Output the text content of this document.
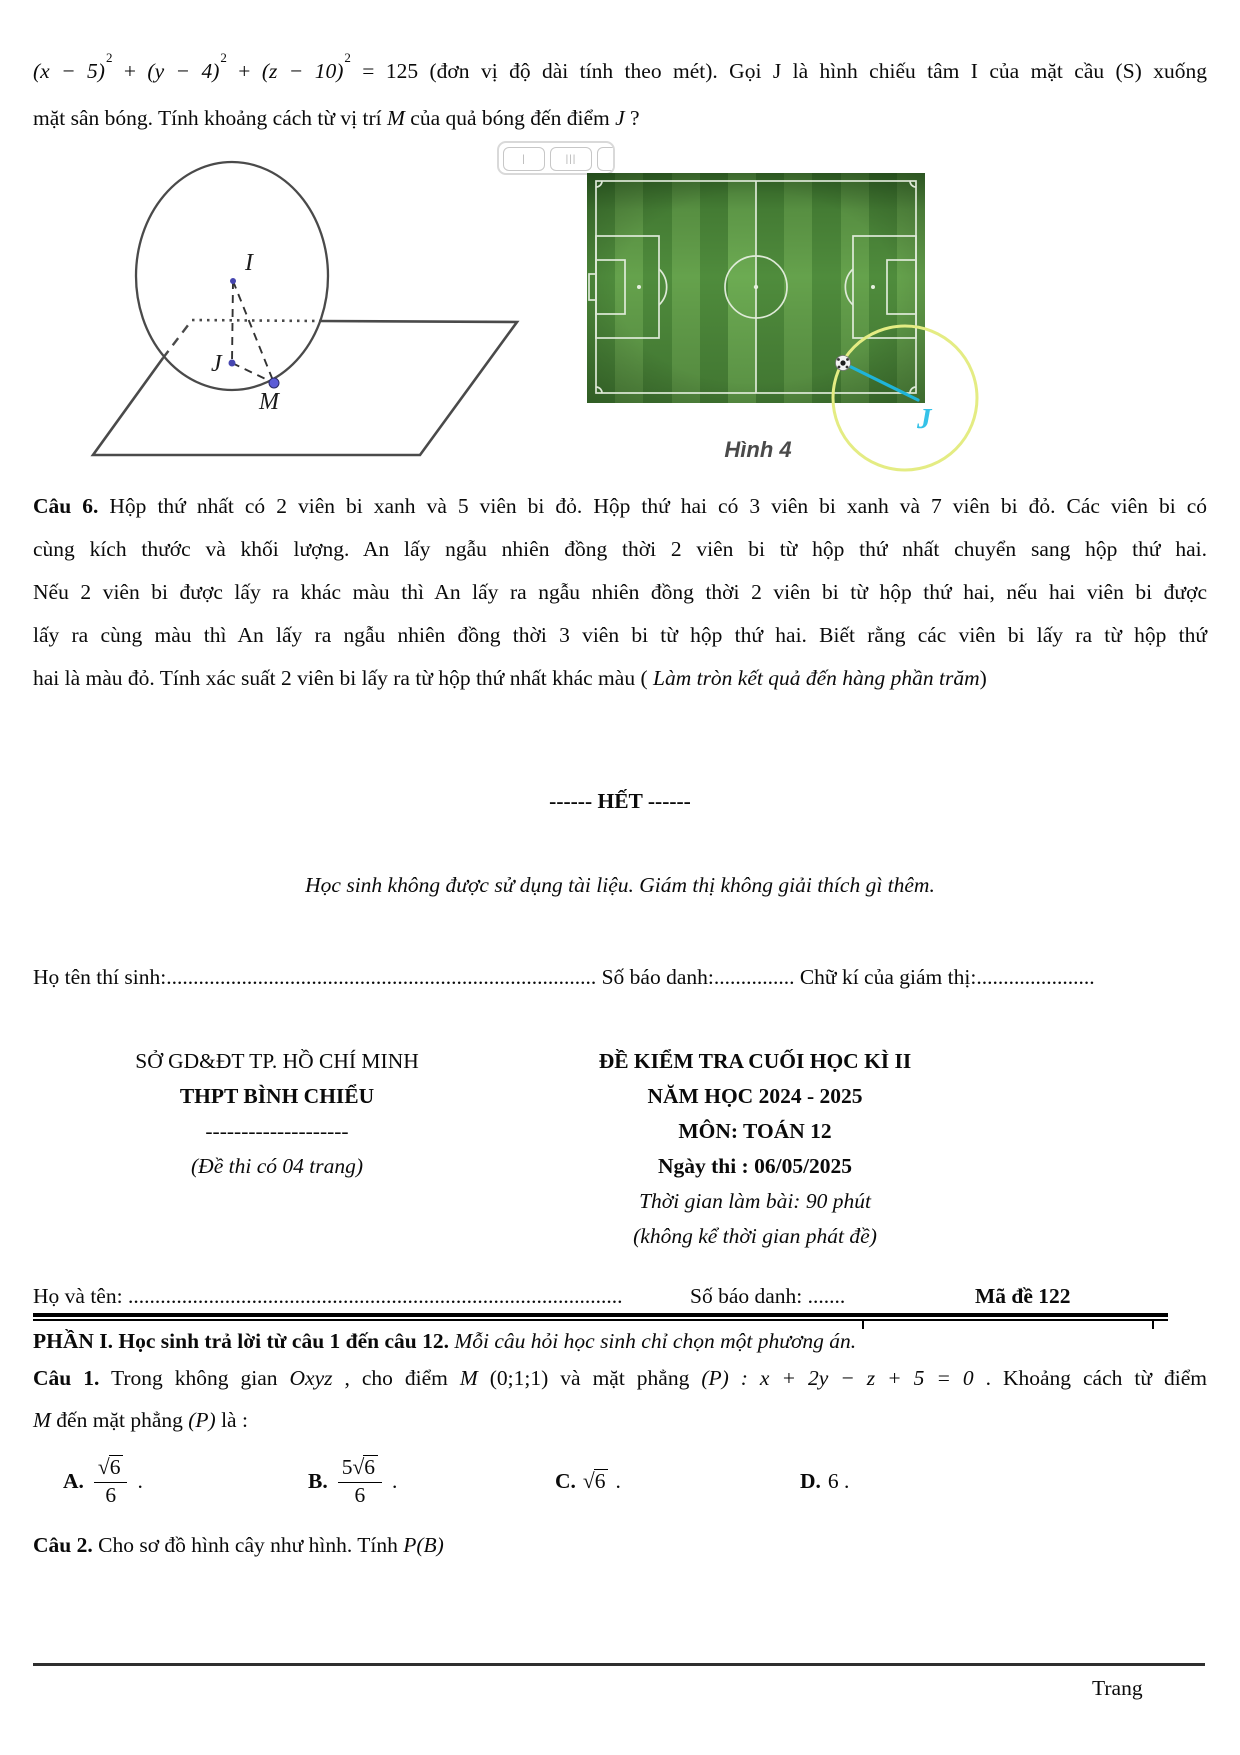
$(x - 5)^2 + (y - 4)^2 + (z - 10)^2 = 125$ (đơn vị độ dài tính theo mét). Gọi J là hình chiếu tâm I của mặt cầu (S) xuống
mặt sân bóng. Tính khoảng cách từ vị trí M của quả bóng đến điểm J ?
I
J
M
|	|||
J
Hình 4
Câu 6. Hộp thứ nhất có 2 viên bi xanh và 5 viên bi đỏ. Hộp thứ hai có 3 viên bi xanh và 7 viên bi đỏ. Các viên bi có
cùng kích thước và khối lượng. An lấy ngẫu nhiên đồng thời 2 viên bi từ hộp thứ nhất chuyển sang hộp thứ hai.
Nếu 2 viên bi được lấy ra khác màu thì An lấy ra ngẫu nhiên đồng thời 2 viên bi từ hộp thứ hai, nếu hai viên bi được
lấy ra cùng màu thì An lấy ra ngẫu nhiên đồng thời 3 viên bi từ hộp thứ hai. Biết rằng các viên bi lấy ra từ hộp thứ
hai là màu đỏ. Tính xác suất 2 viên bi lấy ra từ hộp thứ nhất khác màu ( Làm tròn kết quả đến hàng phần trăm)
------ HẾT ------
Học sinh không được sử dụng tài liệu. Giám thị không giải thích gì thêm.
Họ tên thí sinh:................................................................................ Số báo danh:............... Chữ kí của giám thị:......................
SỞ GD&ĐT TP. HỒ CHÍ MINH
THPT BÌNH CHIỂU
--------------------
(Đề thi có 04 trang)
ĐỀ KIỂM TRA CUỐI HỌC KÌ II
NĂM HỌC 2024 - 2025
MÔN: TOÁN 12
Ngày thi : 06/05/2025
Thời gian làm bài: 90 phút
(không kể thời gian phát đề)
Họ và tên: ............................................................................................	Số báo danh: .......	Mã đề 122
PHẦN I. Học sinh trả lời từ câu 1 đến câu 12. Mỗi câu hỏi học sinh chỉ chọn một phương án.
Câu 1. Trong không gian Oxyz , cho điểm M (0;1;1) và mặt phẳng (P) : x + 2y − z + 5 = 0 . Khoảng cách từ điểm
M đến mặt phẳng (P) là :
A. $\frac{√6}{6}$ .	B. $\frac{5√6}{6}$ .	C. √6 .	D. 6 .
Câu 2. Cho sơ đồ hình cây như hình. Tính P(B)
Trang
